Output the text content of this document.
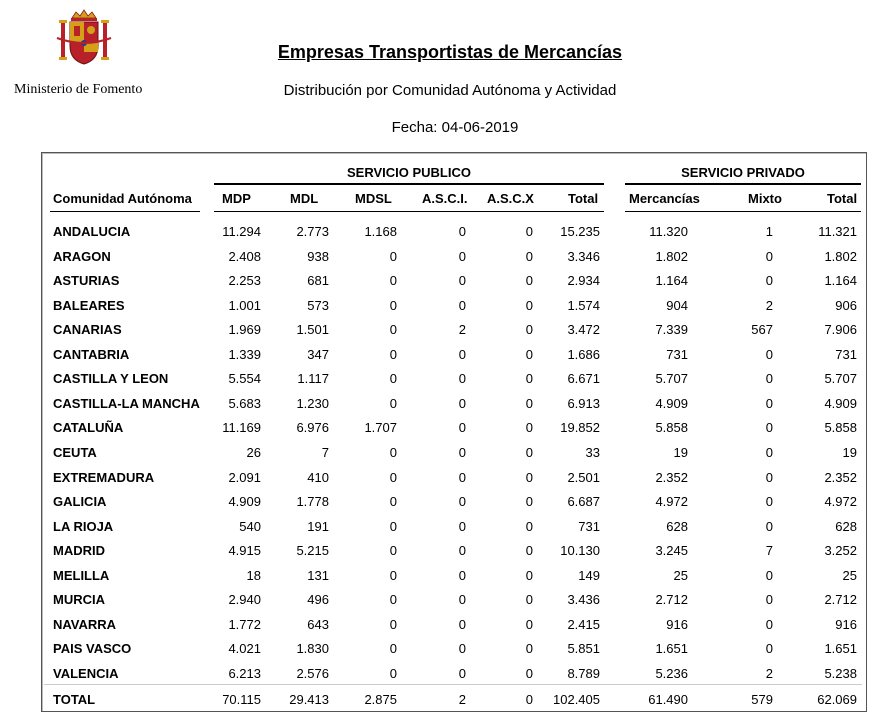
Ministerio de Fomento
Empresas Transportistas de Mercancías
Distribución por Comunidad Autónoma y Actividad
Fecha: 04-06-2019
SERVICIO PUBLICO	SERVICIO PRIVADO
Comunidad Autónoma MDP	MDL	MDSL A.S.C.I. A.S.C.X	Total Mercancías	Mixto	Total
ANDALUCIA	11.294	2.773	1.168	0	0 15.235	11.320	1	11.321
ARAGON	2.408	938	0	0	0	3.346	1.802	0	1.802
ASTURIAS	2.253	681	0	0	0	2.934	1.164	0	1.164
BALEARES	1.001	573	0	0	0	1.574	904	2	906
CANARIAS	1.969	1.501	0	2	0	3.472	7.339	567	7.906
CANTABRIA	1.339	347	0	0	0	1.686	731	0	731
CASTILLA Y LEON	5.554	1.117	0	0	0	6.671	5.707	0	5.707
CASTILLA-LA MANCHA 5.683	1.230	0	0	0	6.913	4.909	0	4.909
CATALUÑA	11.169	6.976	1.707	0	0 19.852	5.858	0	5.858
CEUTA	26	7	0	0	0	33	19	0	19
EXTREMADURA	2.091	410	0	0	0	2.501	2.352	0	2.352
GALICIA	4.909	1.778	0	0	0	6.687	4.972	0	4.972
LA RIOJA	540	191	0	0	0	731	628	0	628
MADRID	4.915	5.215	0	0	0 10.130	3.245	7	3.252
MELILLA	18	131	0	0	0	149	25	0	25
MURCIA	2.940	496	0	0	0	3.436	2.712	0	2.712
NAVARRA	1.772	643	0	0	0	2.415	916	0	916
PAIS VASCO	4.021	1.830	0	0	0	5.851	1.651	0	1.651
VALENCIA	6.213	2.576	0	0	0	8.789	5.236	2	5.238
TOTAL	70.115 29.413	2.875	2	0 102.405	61.490	579	62.069
